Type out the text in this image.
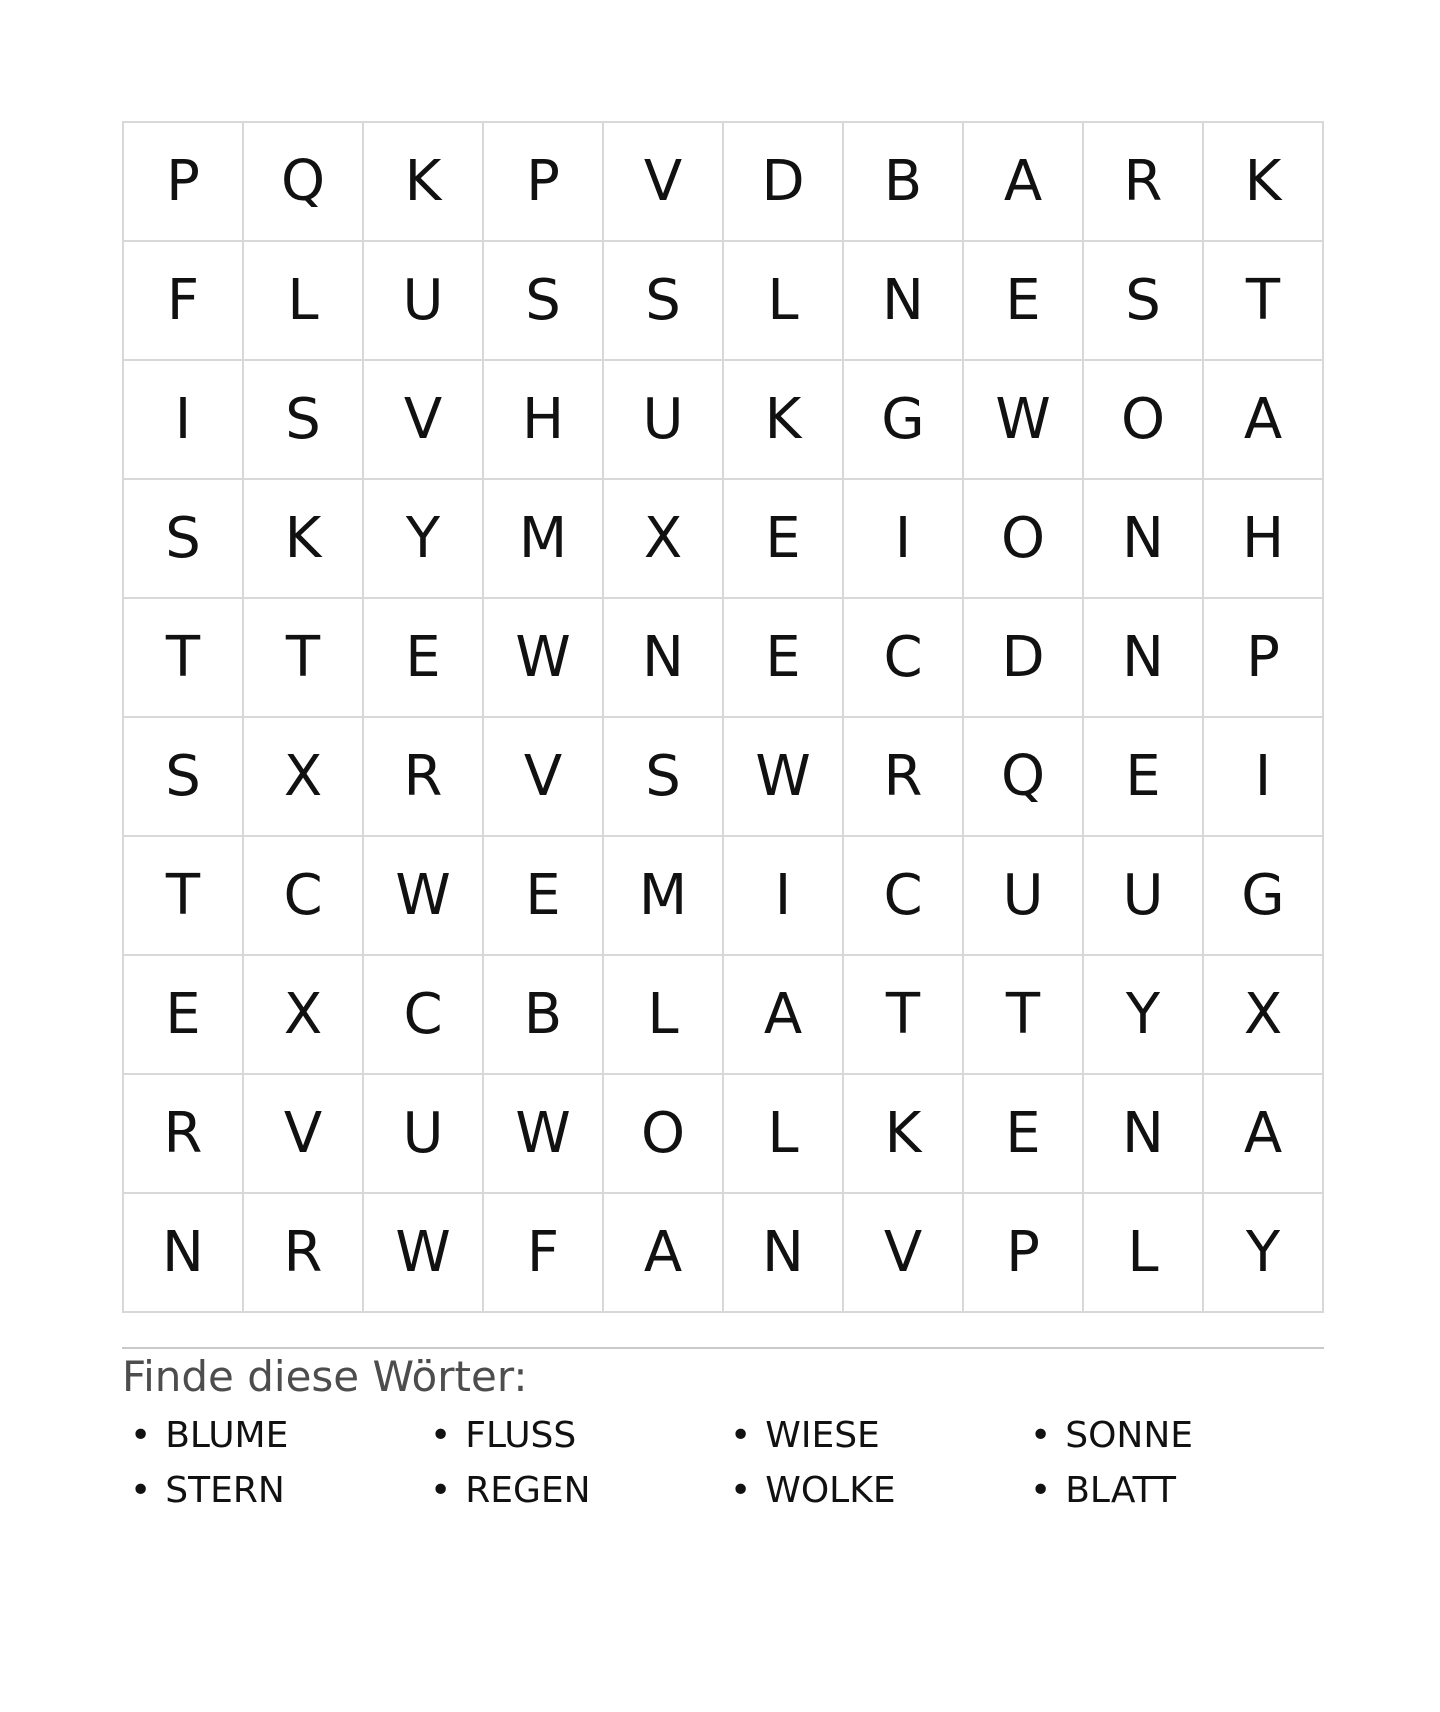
P	Q	K	P	V	D	B	A	R	K
F	L	U	S	S	L	N	E	S	T
I	S	V	H	U	K	G	W	O	A
S	K	Y	M	X	E	I	O	N	H
T	T	E	W	N	E	C	D	N	P
S	X	R	V	S	W	R	Q	E	I
T	C	W	E	M	I	C	U	U	G
E	X	C	B	L	A	T	T	Y	X
R	V	U	W	O	L	K	E	N	A
N	R	W	F	A	N	V	P	L	Y
Finde diese Wörter:
• BLUME	• FLUSS	• WIESE	• SONNE
• STERN	• REGEN	• WOLKE	• BLATT
